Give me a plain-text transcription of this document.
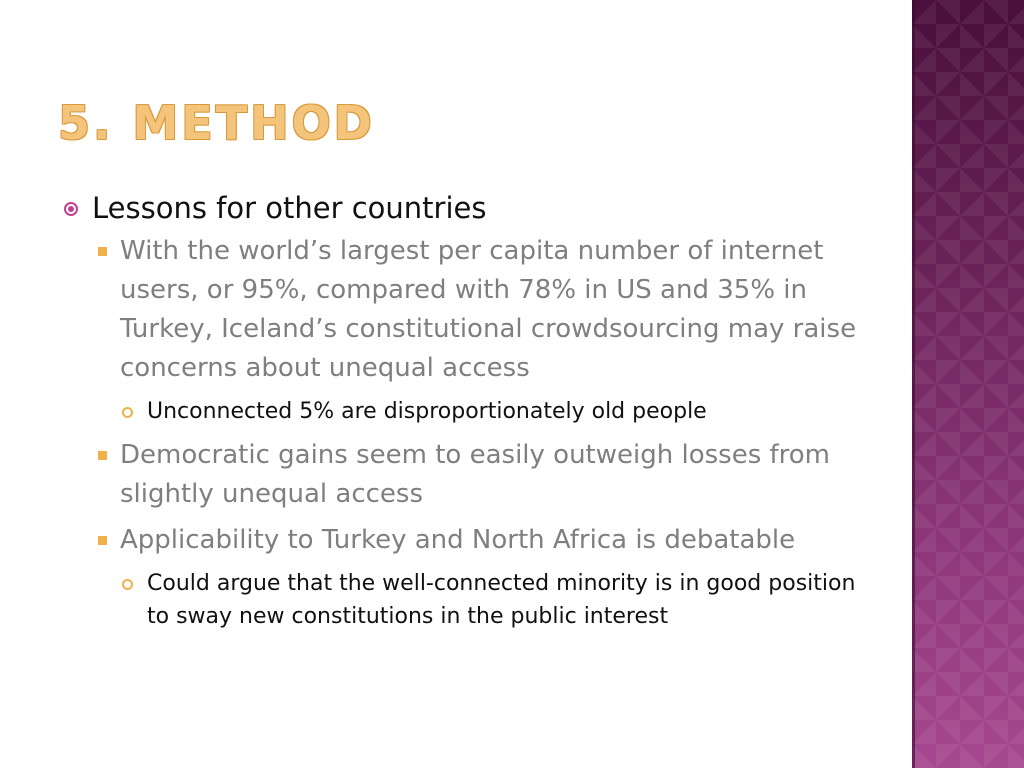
5. METHOD
Lessons for other countries
With the world’s largest per capita number of internet users, or 95%, compared with 78% in US and 35% in Turkey, Iceland’s constitutional crowdsourcing may raise concerns about unequal access
Unconnected 5% are disproportionately old people
Democratic gains seem to easily outweigh losses from slightly unequal access
Applicability to Turkey and North Africa is debatable
Could argue that the well-connected minority is in good position to sway new constitutions in the public interest
